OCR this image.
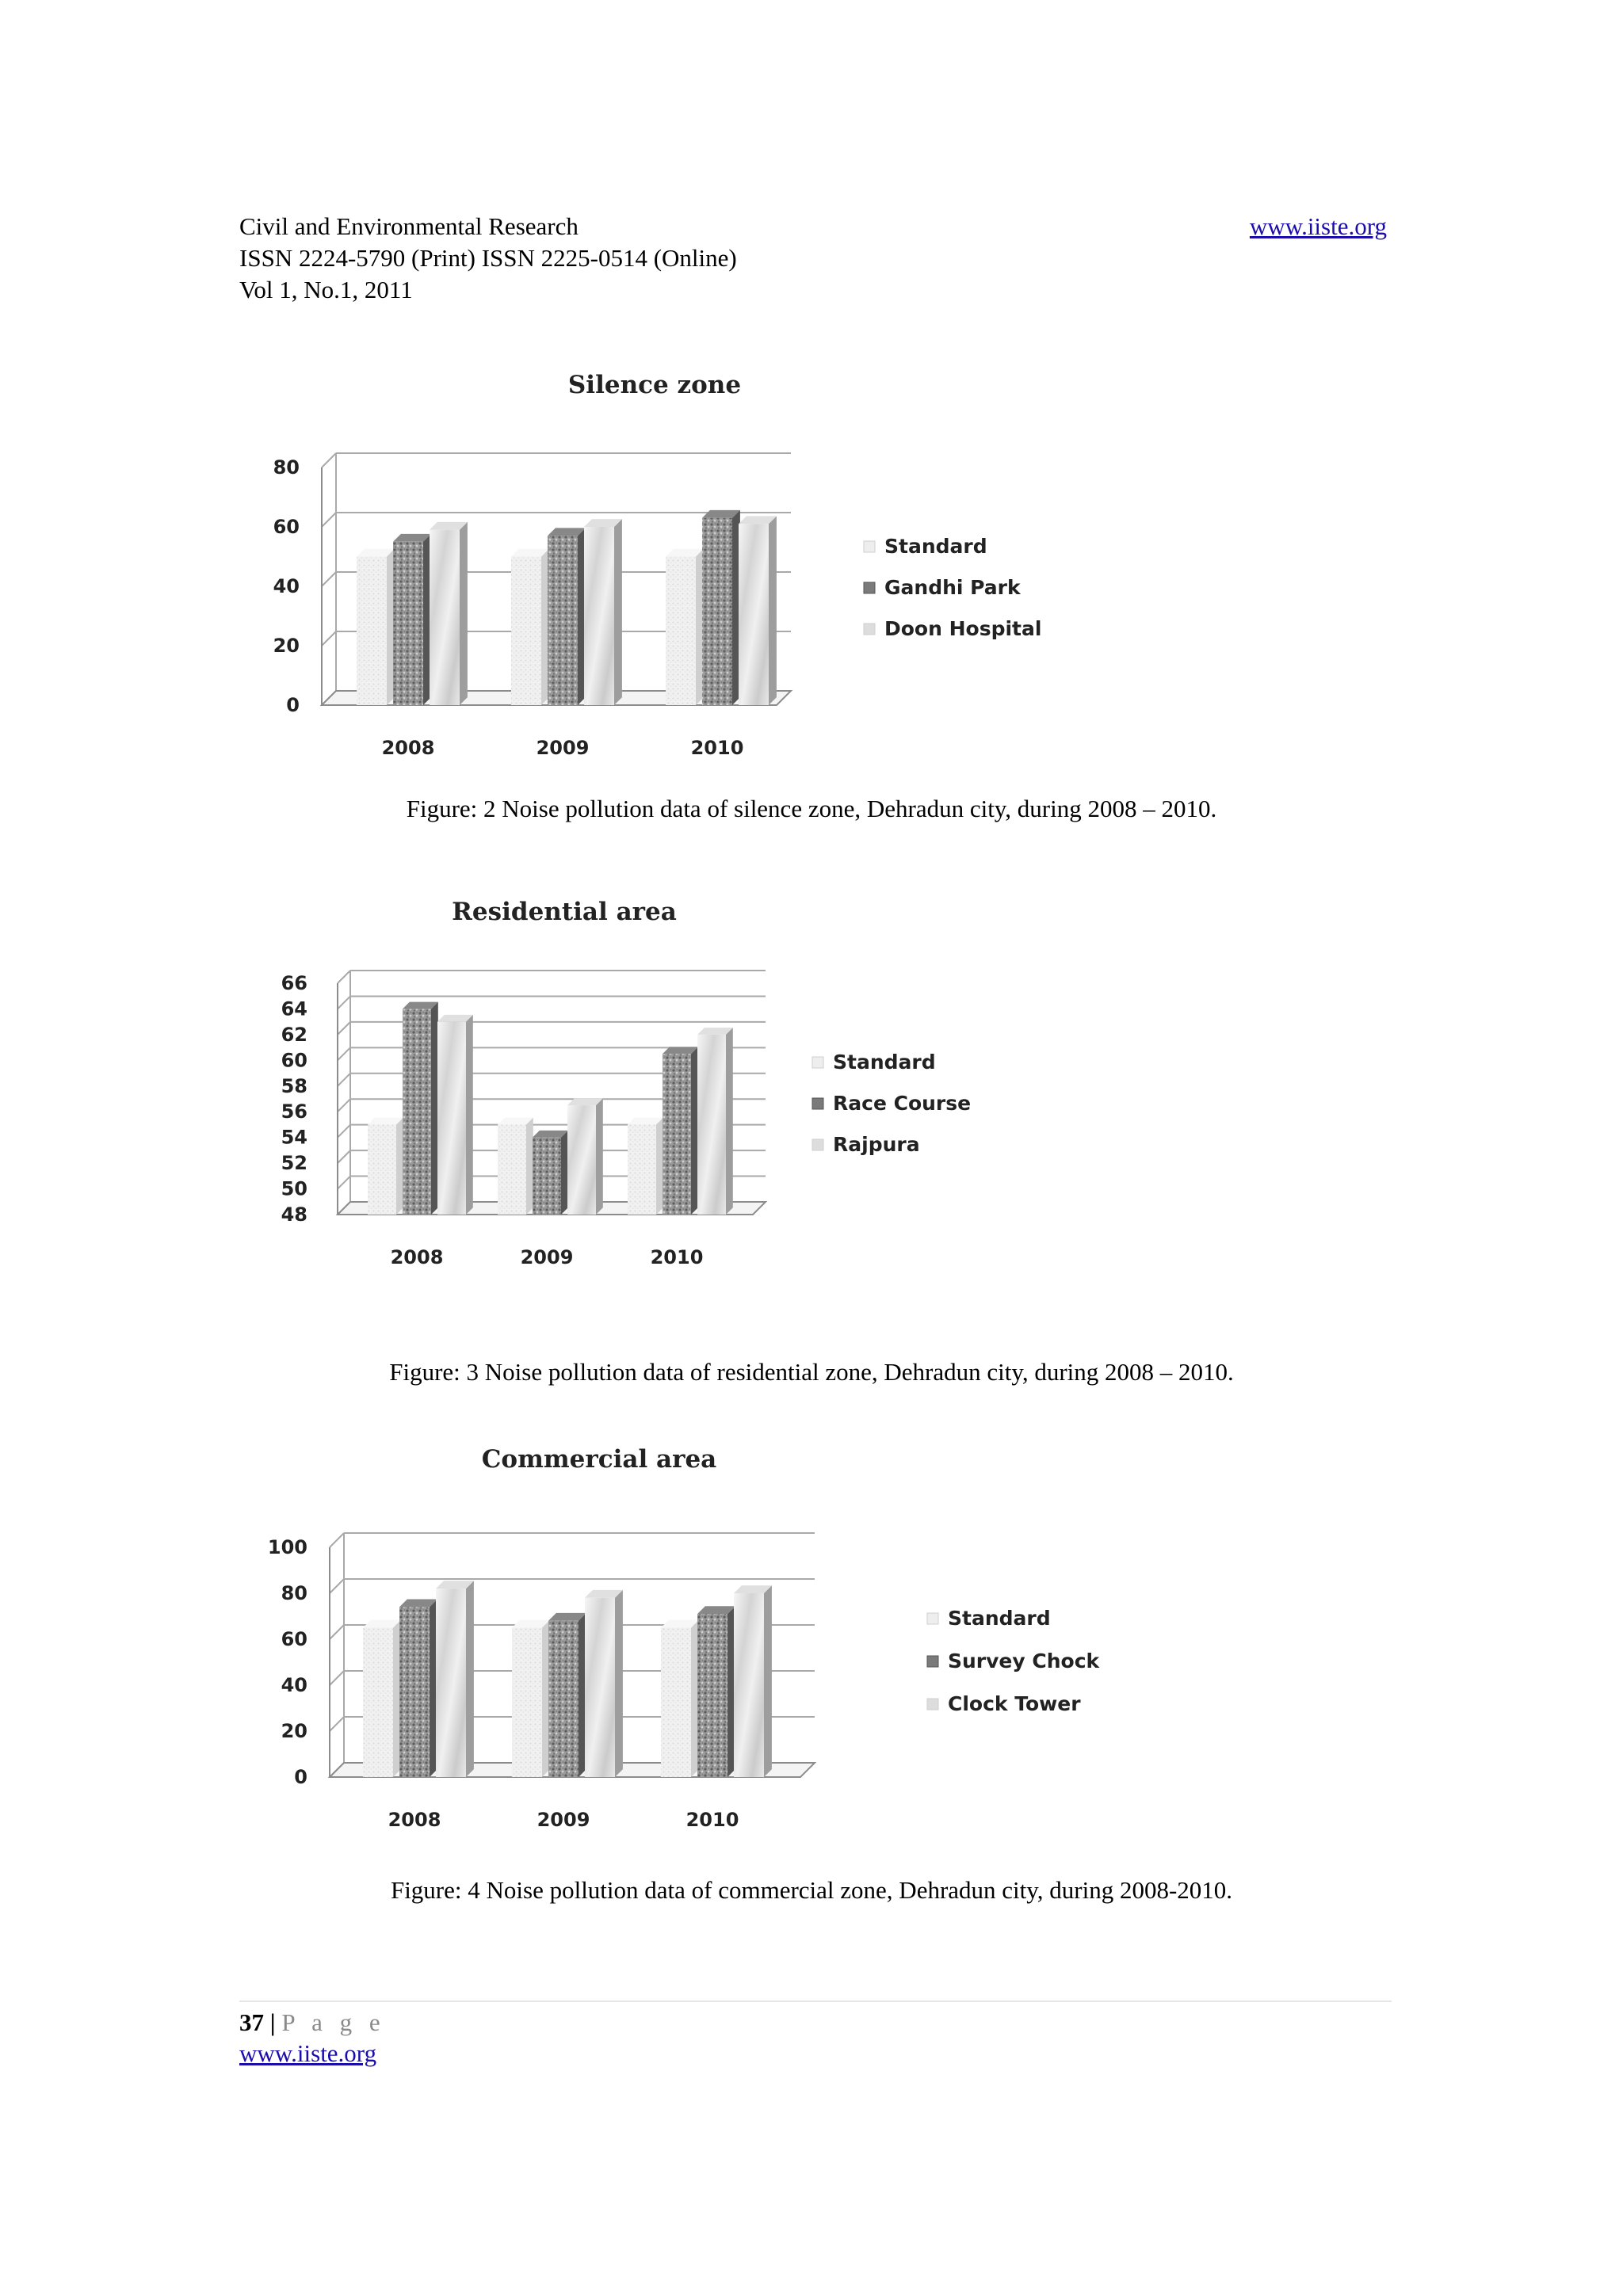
Civil and Environmental Research
ISSN 2224-5790 (Print) ISSN 2225-0514 (Online)
Vol 1, No.1, 2011
www.iiste.org
Silence zone
0
20
40
60
80
2008	2009	2010
Standard
Gandhi Park
Doon Hospital
Figure: 2 Noise pollution data of silence zone, Dehradun city, during 2008 – 2010.
Residential area
48
50
52
54
56
58
60
62
64
66
2008	2009	2010
Standard
Race Course
Rajpura
Figure: 3 Noise pollution data of residential zone, Dehradun city, during 2008 – 2010.
Commercial area
0
20
40
60
80
100
2008	2009	2010
Standard
Survey Chock
Clock Tower
Figure: 4 Noise pollution data of commercial zone, Dehradun city, during 2008-2010.
37 | P a g e
www.iiste.org
